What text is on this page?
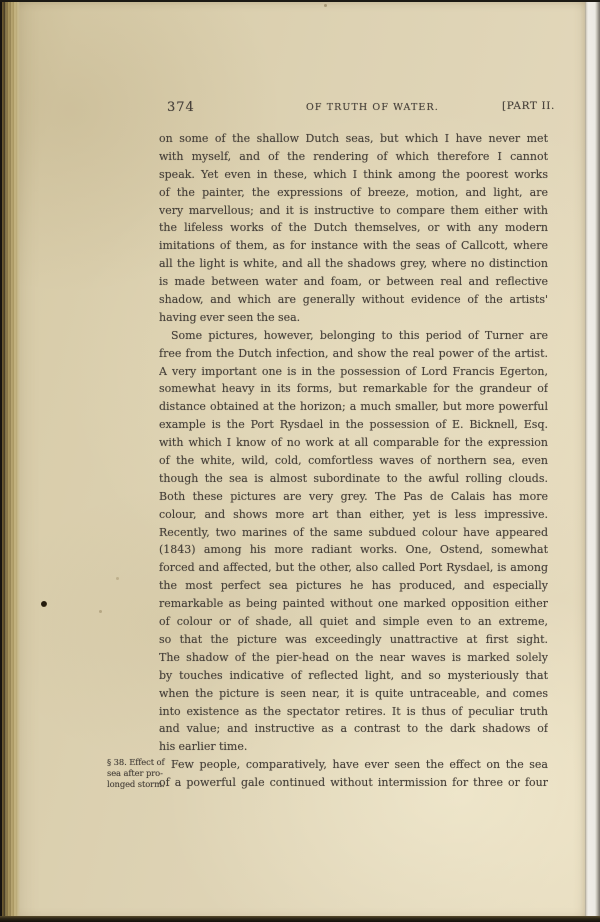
374	OF TRUTH OF WATER.	[PART II.
on some of the shallow Dutch seas, but which I have never met
with myself, and of the rendering of which therefore I cannot
speak. Yet even in these, which I think among the poorest works
of the painter, the expressions of breeze, motion, and light, are
very marvellous; and it is instructive to compare them either with
the lifeless works of the Dutch themselves, or with any modern
imitations of them, as for instance with the seas of Callcott, where
all the light is white, and all the shadows grey, where no distinction
is made between water and foam, or between real and reflective
shadow, and which are generally without evidence of the artists'
having ever seen the sea.
Some pictures, however, belonging to this period of Turner are
free from the Dutch infection, and show the real power of the artist.
A very important one is in the possession of Lord Francis Egerton,
somewhat heavy in its forms, but remarkable for the grandeur of
distance obtained at the horizon; a much smaller, but more powerful
example is the Port Rysdael in the possession of E. Bicknell, Esq.
with which I know of no work at all comparable for the expression
of the white, wild, cold, comfortless waves of northern sea, even
though the sea is almost subordinate to the awful rolling clouds.
Both these pictures are very grey. The Pas de Calais has more
colour, and shows more art than either, yet is less impressive.
Recently, two marines of the same subdued colour have appeared
(1843) among his more radiant works. One, Ostend, somewhat
forced and affected, but the other, also called Port Rysdael, is among
the most perfect sea pictures he has produced, and especially
remarkable as being painted without one marked opposition either
of colour or of shade, all quiet and simple even to an extreme,
so that the picture was exceedingly unattractive at first sight.
The shadow of the pier-head on the near waves is marked solely
by touches indicative of reflected light, and so mysteriously that
when the picture is seen near, it is quite untraceable, and comes
into existence as the spectator retires. It is thus of peculiar truth
and value; and instructive as a contrast to the dark shadows of
his earlier time.
Few people, comparatively, have ever seen the effect on the sea
of a powerful gale continued without intermission for three or four
§ 38. Effect of
sea after pro-
longed storm.
